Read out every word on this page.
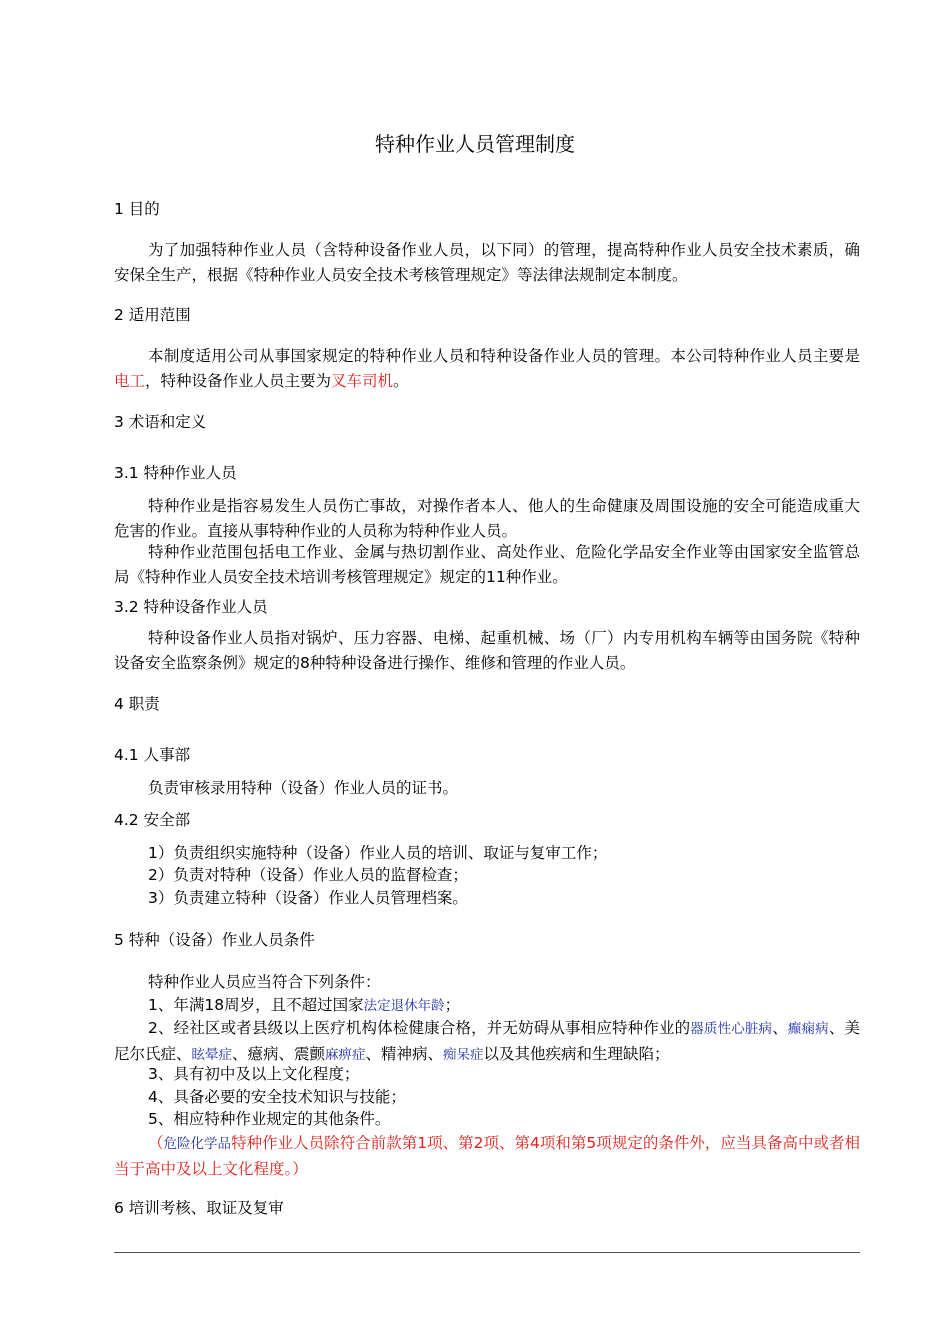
特种作业人员管理制度
1 目的
为了加强特种作业人员（含特种设备作业人员，以下同）的管理，提高特种作业人员安全技术素质，确安保全生产，根据《特种作业人员安全技术考核管理规定》等法律法规制定本制度。
2 适用范围
本制度适用公司从事国家规定的特种作业人员和特种设备作业人员的管理。本公司特种作业人员主要是电工，特种设备作业人员主要为叉车司机。
3 术语和定义
3.1 特种作业人员
特种作业是指容易发生人员伤亡事故，对操作者本人、他人的生命健康及周围设施的安全可能造成重大危害的作业。直接从事特种作业的人员称为特种作业人员。
特种作业范围包括电工作业、金属与热切割作业、高处作业、危险化学品安全作业等由国家安全监管总局《特种作业人员安全技术培训考核管理规定》规定的11种作业。
3.2 特种设备作业人员
特种设备作业人员指对锅炉、压力容器、电梯、起重机械、场（厂）内专用机构车辆等由国务院《特种设备安全监察条例》规定的8种特种设备进行操作、维修和管理的作业人员。
4 职责
4.1 人事部
负责审核录用特种（设备）作业人员的证书。
4.2 安全部
1）负责组织实施特种（设备）作业人员的培训、取证与复审工作；
2）负责对特种（设备）作业人员的监督检查；
3）负责建立特种（设备）作业人员管理档案。
5 特种（设备）作业人员条件
特种作业人员应当符合下列条件：
1、年满18周岁，且不超过国家法定退休年龄；
2、经社区或者县级以上医疗机构体检健康合格，并无妨碍从事相应特种作业的器质性心脏病、癫痫病、美尼尔氏症、眩晕症、癔病、震颤麻痹症、精神病、痴呆症以及其他疾病和生理缺陷；
3、具有初中及以上文化程度；
4、具备必要的安全技术知识与技能；
5、相应特种作业规定的其他条件。
（危险化学品特种作业人员除符合前款第1项、第2项、第4项和第5项规定的条件外，应当具备高中或者相当于高中及以上文化程度。）
6 培训考核、取证及复审
